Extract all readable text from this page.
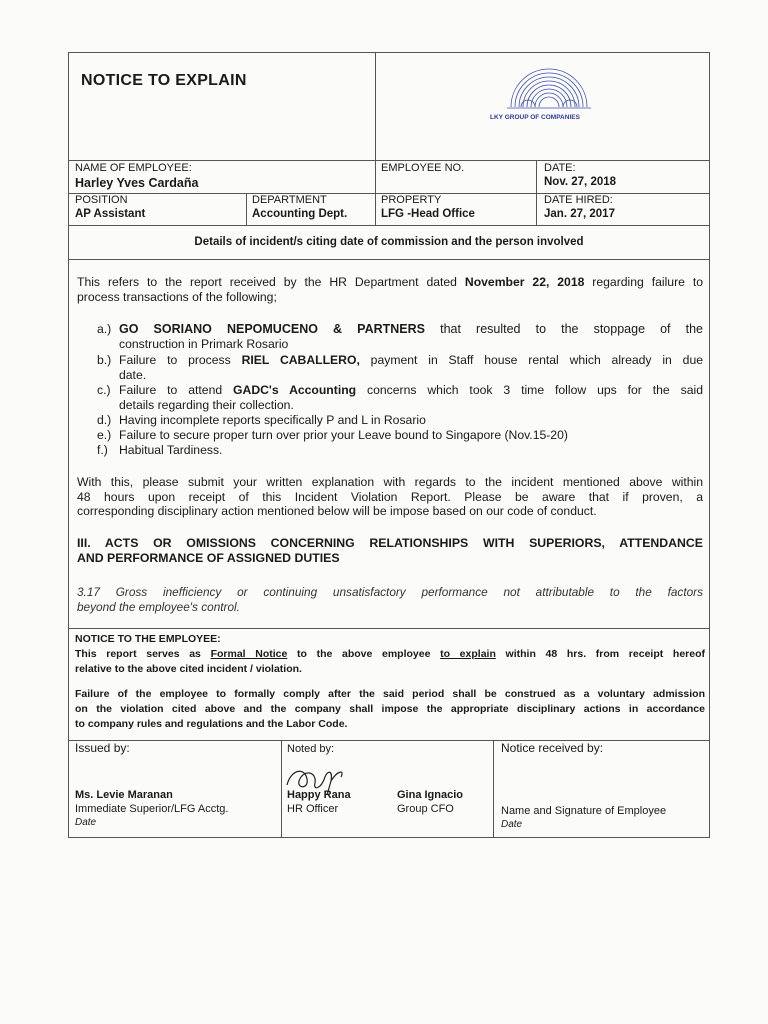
NOTICE TO EXPLAIN
LKY GROUP OF COMPANIES
NAME OF EMPLOYEE:
Harley Yves Cardaña
EMPLOYEE NO.	DATE:
Nov. 27, 2018
POSITION
AP Assistant
DEPARTMENT
Accounting Dept.
PROPERTY
LFG -Head Office
DATE HIRED:
Jan. 27, 2017
Details of incident/s citing date of commission and the person involved
This refers to the report received by the HR Department dated November 22, 2018 regarding failure to
process transactions of the following;
a.) GO SORIANO NEPOMUCENO & PARTNERS that resulted to the stoppage of the
construction in Primark Rosario
b.) Failure to process RIEL CABALLERO, payment in Staff house rental which already in due
date.
c.) Failure to attend GADC's Accounting concerns which took 3 time follow ups for the said
details regarding their collection.
d.) Having incomplete reports specifically P and L in Rosario
e.) Failure to secure proper turn over prior your Leave bound to Singapore (Nov.15-20)
f.) Habitual Tardiness.
With this, please submit your written explanation with regards to the incident mentioned above within
48 hours upon receipt of this Incident Violation Report. Please be aware that if proven, a
corresponding disciplinary action mentioned below will be impose based on our code of conduct.
III. ACTS OR OMISSIONS CONCERNING RELATIONSHIPS WITH SUPERIORS, ATTENDANCE
AND PERFORMANCE OF ASSIGNED DUTIES
3.17 Gross inefficiency or continuing unsatisfactory performance not attributable to the factors
beyond the employee's control.
NOTICE TO THE EMPLOYEE:
This report serves as Formal Notice to the above employee to explain within 48 hrs. from receipt hereof
relative to the above cited incident / violation.
Failure of the employee to formally comply after the said period shall be construed as a voluntary admission
on the violation cited above and the company shall impose the appropriate disciplinary actions in accordance
to company rules and regulations and the Labor Code.
Issued by:
Ms. Levie Maranan
Immediate Superior/LFG Acctg.
Date
Noted by:
Happy Rana
HR Officer
Gina Ignacio
Group CFO
Notice received by:
Name and Signature of Employee
Date
